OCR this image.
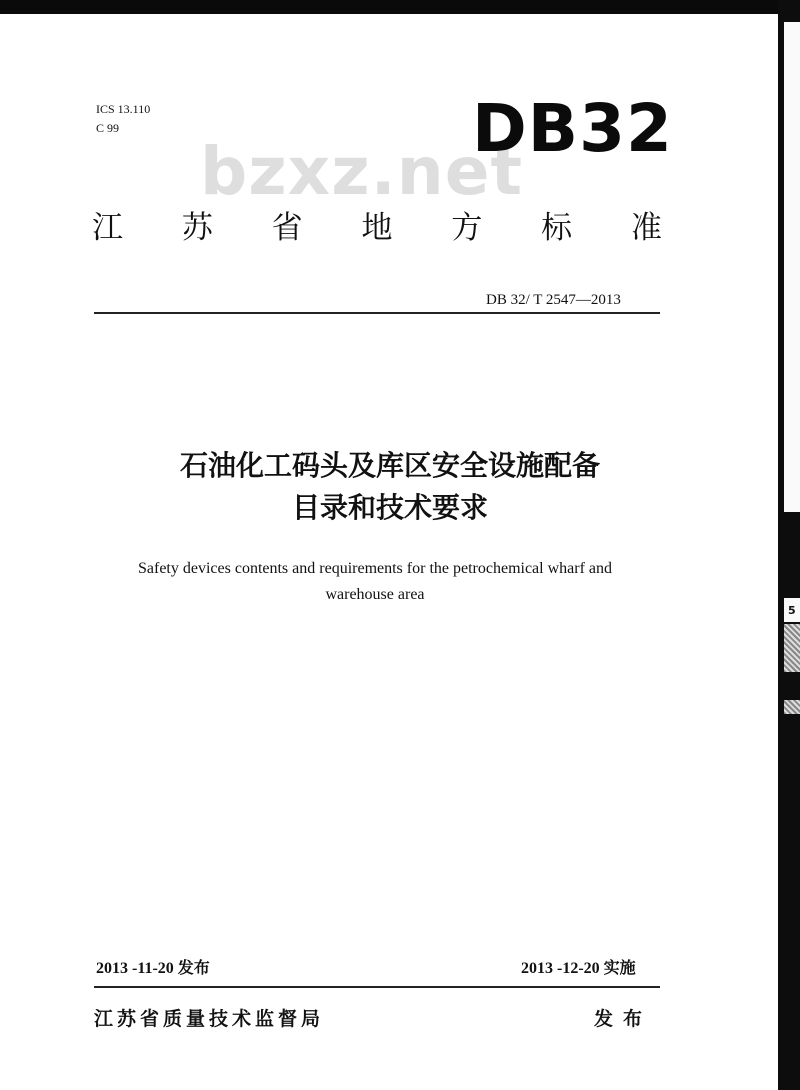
5
ICS 13.110
C 99
bzxz.net
DB32
江 苏 省 地 方 标 准
DB 32/ T 2547—2013
石油化工码头及库区安全设施配备
目录和技术要求
Safety devices contents and requirements for the petrochemical wharf and
warehouse area
2013 -11-20 发布	2013 -12-20 实施
江苏省质量技术监督局	发布
